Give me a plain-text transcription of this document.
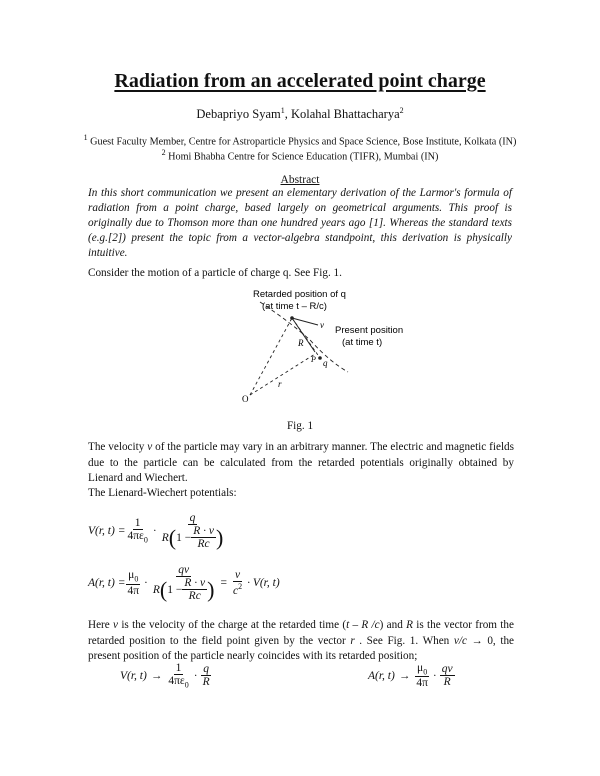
Radiation from an accelerated point charge
Debapriyo Syam$^1$, Kolahal Bhattacharya$^2$
$^1$ Guest Faculty Member, Centre for Astroparticle Physics and Space Science, Bose Institute, Kolkata (IN)
$^2$ Homi Bhabha Centre for Science Education (TIFR), Mumbai (IN)
Abstract
In this short communication we present an elementary derivation of the Larmor's formula of radiation from a point charge, based largely on geometrical arguments. This proof is originally due to Thomson more than one hundred years ago [1]. Whereas the standard texts (e.g.[2]) present the topic from a vector-algebra standpoint, this derivation is physically intuitive.
Consider the motion of a particle of charge q. See Fig. 1.
Retarded position of q
(at time t – R/c)
Present position
(at time t)
R
v
r
q
P
O
Fig. 1
The velocity v of the particle may vary in an arbitrary manner. The electric and magnetic fields due to the particle can be calculated from the retarded potentials originally obtained by Lienard and Wiechert.
The Lienard-Wiechert potentials:
V(r, $t) = \frac{1}{4\pi\varepsilon_0} \cdot \frac{q}{R ( 1 - \frac{R \cdot v}{Rc} )}$
A(r, $t) = \frac{\mu_0}{4\pi} \cdot \frac{qv}{R ( 1 - \frac{R \cdot v}{Rc} )} = \frac{v}{c^2} \cdot V(r$, t)
Here v is the velocity of the charge at the retarded time (t – R /c) and R is the vector from the retarded position to the field point given by the vector r . See Fig. 1. When v/c → 0, the present position of the particle nearly coincides with its retarded position;
V(r, $t) \to \frac{1}{4\pi\varepsilon_0} \cdot \frac{q}{R}$	A(r, $t) \to \frac{\mu_0}{4\pi} \cdot \frac{qv}{R}$
